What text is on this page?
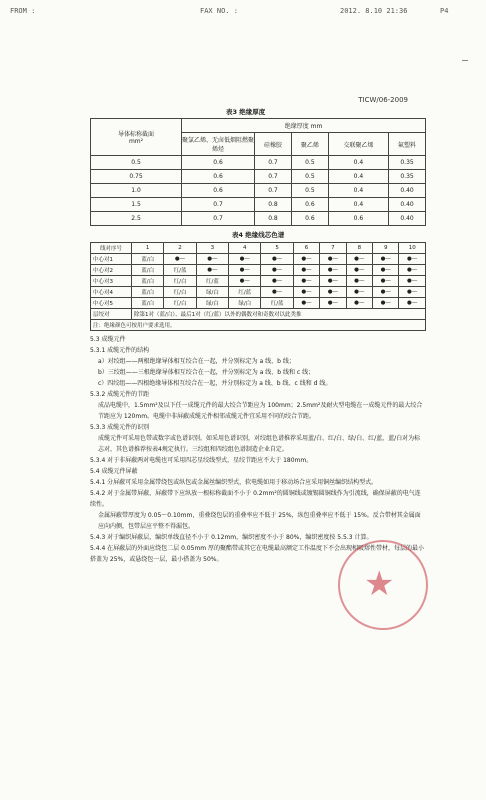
FROM :	FAX NO. :	2012. 8.10 21:36	P4
TICW/06-2009
表3 绝缘厚度
导体标称截面
mm²	绝缘厚度 mm				
	聚氯乙烯、无卤低烟阻燃聚烯烃	硅橡胶	聚乙烯	交联聚乙烯	氟塑料
0.5	0.6	0.7	0.5	0.4	0.35
0.75	0.6	0.7	0.5	0.4	0.35
1.0	0.6	0.7	0.5	0.4	0.40
1.5	0.7	0.8	0.6	0.4	0.40
2.5	0.7	0.8	0.6	0.6	0.40
表4 绝缘线芯色谱
线对序号	1	2	3	4	5	6	7	8	9	10
中心对1	蓝/白	●—	●—	●—	●—	●—	●—	●—	●—	●—
中心对2	蓝/白	红/蓝	●—	●—	●—	●—	●—	●—	●—	●—
中心对3	蓝/白	红/白	红/蓝	●—	●—	●—	●—	●—	●—	●—
中心对4	蓝/白	红/白	绿/白	红/蓝	●—	●—	●—	●—	●—	●—
中心对5	蓝/白	红/白	绿/白	绿/白	红/蓝	●—	●—	●—	●—	●—
层绞对	除第1对（蓝/白）、最后1对（红/蓝）以外的偶数对和奇数对以此类推									
注：绝缘颜色可按用户要求选用。										

5.3 成缆元件

5.3.1 成缆元件的结构

a）对绞组——两根绝缘导体相互绞合在一起，并分别标定为 a 线、b 线；

b）三绞组——三根绝缘导体相互绞合在一起，并分别标定为 a 线、b 线和 c 线；

c）四绞组——四根绝缘导体相互绞合在一起，并分别标定为 a 线、b 线、c 线和 d 线。

5.3.2 成缆元件的节距

成品电缆中，1.5mm²及以下任一成缆元件的最大绞合节距应为 100mm；2.5mm²及耐火型电缆在一成缆元件的最大绞合节距应为 120mm。电缆中非屏蔽成缆元件相邻成缆元件宜采用不同的绞合节距。

5.3.3 成缆元件的识别

成缆元件可采用色带或数字或色谱识别。如采用色谱识别，对绞组色谱推荐采用蓝/白、红/白、绿/白、红/蓝，蓝/白对为标志对，其色谱推荐按表4规定执行。三绞组和四绞组色谱制造企业自定。

5.3.4 对于非屏蔽两对电缆也可采用四芯星绞线型式，星绞节距应不大于 180mm。

5.4 成缆元件屏蔽

5.4.1 分屏蔽可采用金属带绕包或纵包或金属丝编织型式，软电缆如用于移动场合应采用铜丝编织结构型式。

5.4.2 对于金属带屏蔽，屏蔽带下应纵放一根标称截面不小于 0.2mm²的圆铜线或镀锡圆铜线作为引流线，确保屏蔽的电气连续性。

金属屏蔽带厚度为 0.05～0.10mm，重叠绕包层的重叠率应不低于 25%，纵包重叠率应不低于 15%。反合带材其金属面应向内侧，包带层应平整不得漏包。

5.4.3 对于编织屏蔽层，编织单线直径不小于 0.12mm，编织密度不小于 80%，编织密度按 5.5.3 计算。

5.4.4 在屏蔽层的外面应绕包二层 0.05mm 厚的聚酯带或其它在电缆最高额定工作温度下不会出现相吸熔性带材，每层的最小搭盖为 25%，或悬绕包一层，最小搭盖为 50%。

★
